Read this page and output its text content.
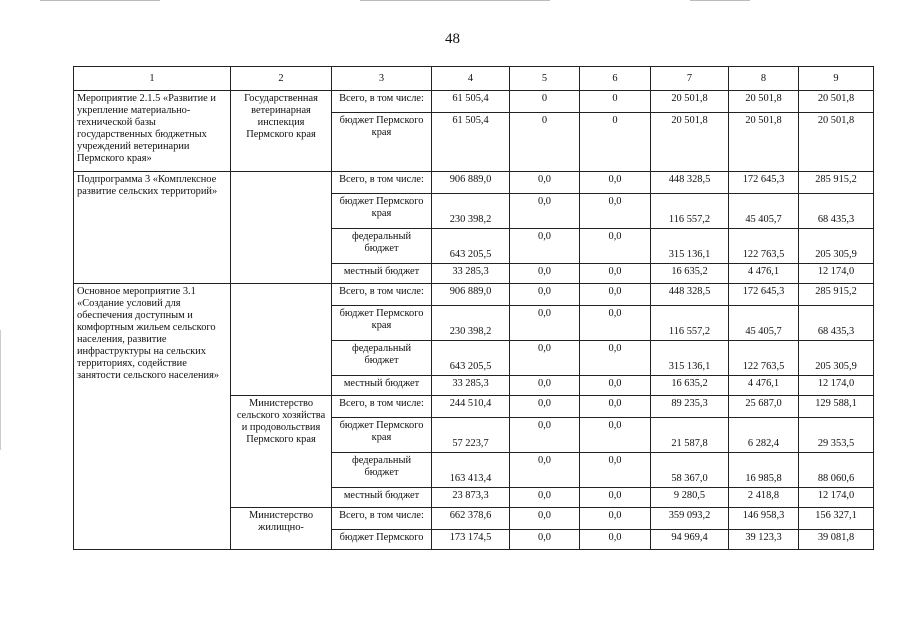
48
1	2	3	4	5	6	7	8	9
Мероприятие 2.1.5 «Развитие и укрепление материально-технической базы государственных бюджетных учреждений ветеринарии Пермского края»	Государственная ветеринарная инспекция Пермского края	Всего, в том числе:	61 505,4	0	0	20 501,8	20 501,8	20 501,8
		бюджет Пермского края	61 505,4	0	0	20 501,8	20 501,8	20 501,8
Подпрограмма 3 «Комплексное развитие сельских территорий»		Всего, в том числе:	906 889,0	0,0	0,0	448 328,5	172 645,3	285 915,2
		бюджет Пермского края	230 398,2	0,0	0,0	116 557,2	45 405,7	68 435,3
		федеральный бюджет	643 205,5	0,0	0,0	315 136,1	122 763,5	205 305,9
		местный бюджет	33 285,3	0,0	0,0	16 635,2	4 476,1	12 174,0
Основное мероприятие 3.1 «Создание условий для обеспечения доступным и комфортным жильем сельского населения, развитие инфраструктуры на сельских территориях, содействие занятости сельского населения»		Всего, в том числе:	906 889,0	0,0	0,0	448 328,5	172 645,3	285 915,2
		бюджет Пермского края	230 398,2	0,0	0,0	116 557,2	45 405,7	68 435,3
		федеральный бюджет	643 205,5	0,0	0,0	315 136,1	122 763,5	205 305,9
		местный бюджет	33 285,3	0,0	0,0	16 635,2	4 476,1	12 174,0
	Министерство сельского хозяйства и продовольствия Пермского края	Всего, в том числе:	244 510,4	0,0	0,0	89 235,3	25 687,0	129 588,1
		бюджет Пермского края	57 223,7	0,0	0,0	21 587,8	6 282,4	29 353,5
		федеральный бюджет	163 413,4	0,0	0,0	58 367,0	16 985,8	88 060,6
		местный бюджет	23 873,3	0,0	0,0	9 280,5	2 418,8	12 174,0
	Министерство жилищно-	Всего, в том числе:	662 378,6	0,0	0,0	359 093,2	146 958,3	156 327,1
		бюджет Пермского	173 174,5	0,0	0,0	94 969,4	39 123,3	39 081,8
